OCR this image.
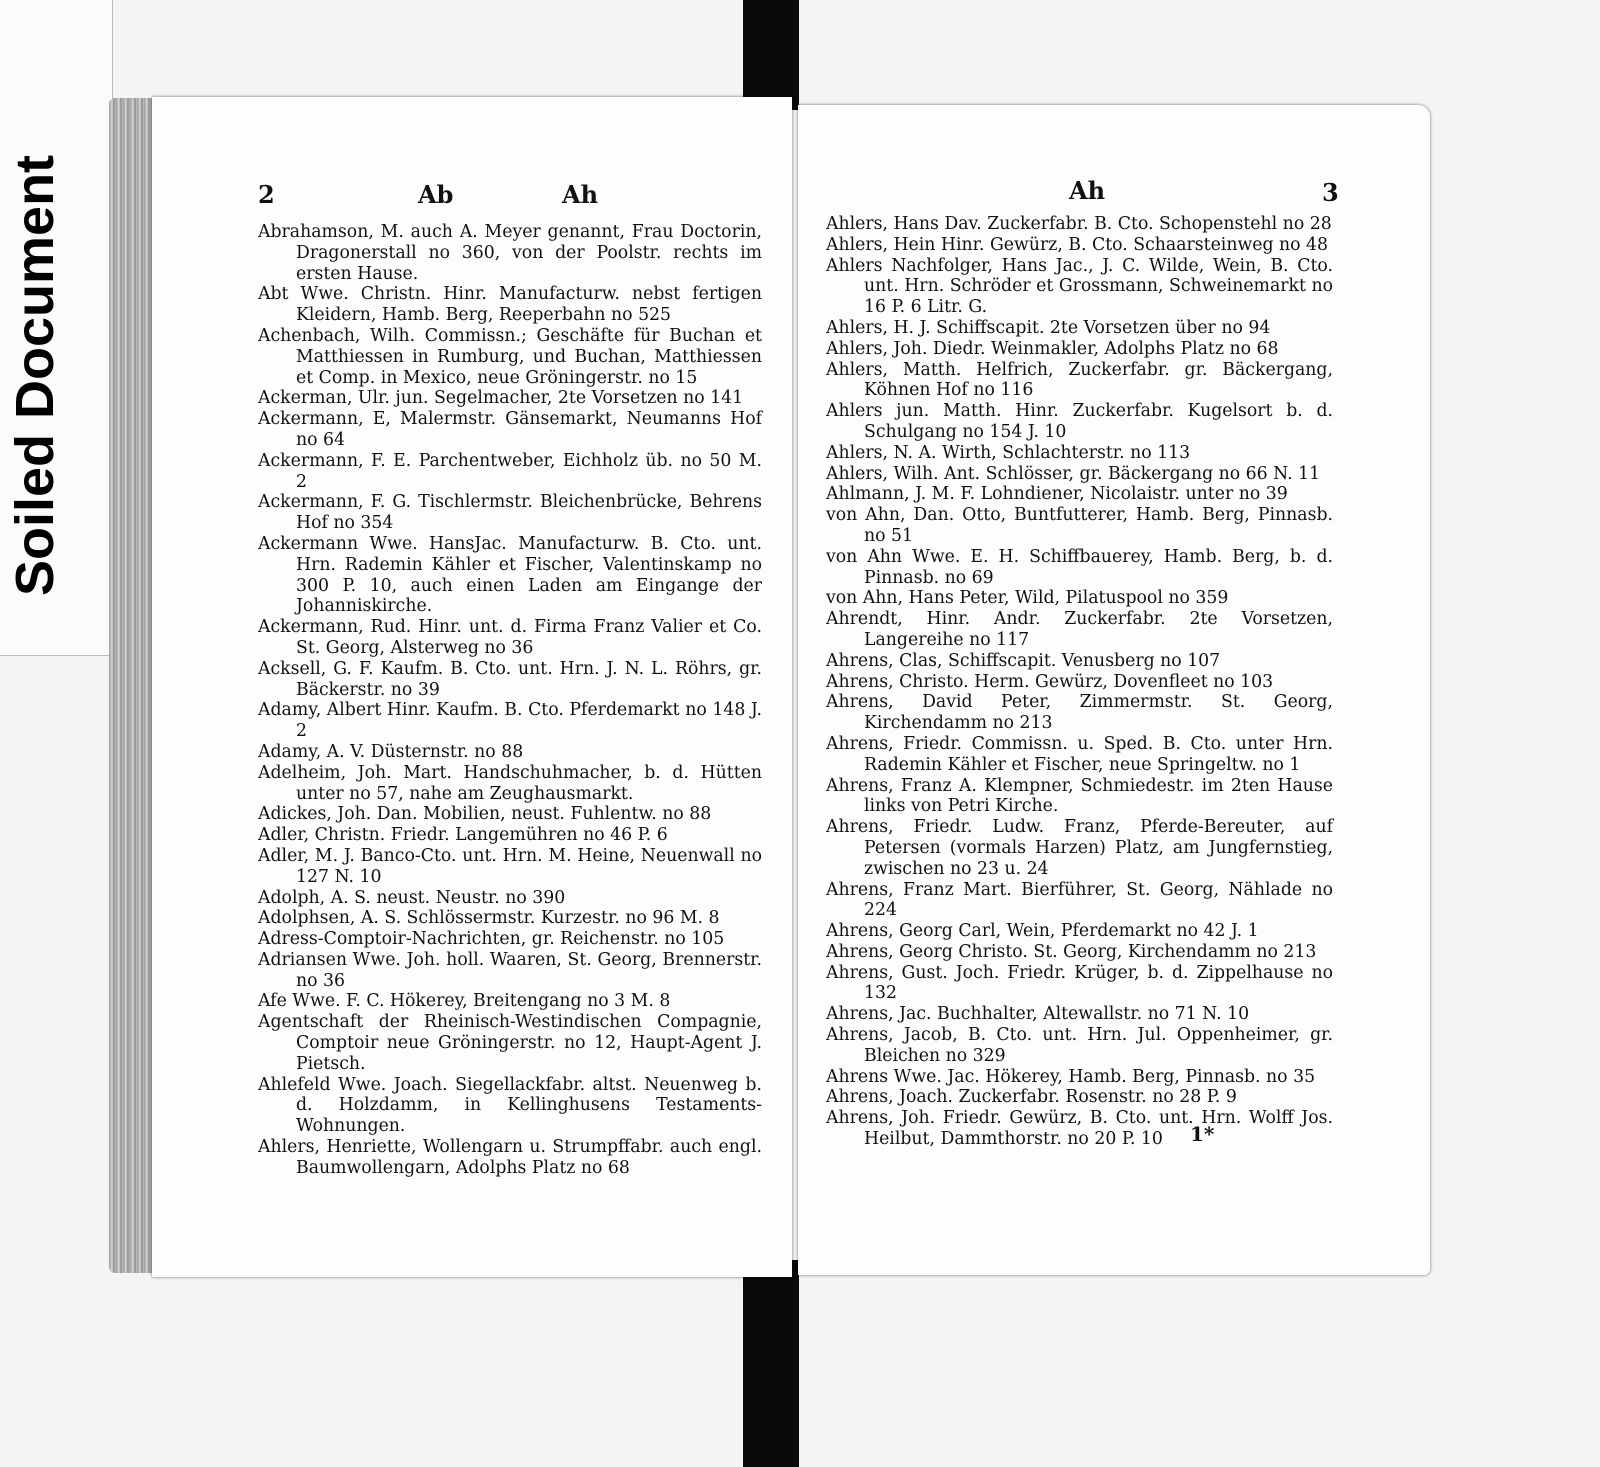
Soiled Document	2	Ab	Ah	Ah	3
Abrahamson, M. auch A. Meyer genannt, Frau Doctorin, Dragonerstall no 360, von der Poolstr. rechts im ersten Hause.
Abt Wwe. Christn. Hinr. Manufacturw. nebst fertigen Kleidern, Hamb. Berg, Reeperbahn no 525
Achenbach, Wilh. Commissn.; Geschäfte für Buchan et Matthiessen in Rumburg, und Buchan, Matthiessen et Comp. in Mexico, neue Gröningerstr. no 15
Ackerman, Ulr. jun. Segelmacher, 2te Vorsetzen no 141
Ackermann, E, Malermstr. Gänsemarkt, Neumanns Hof no 64
Ackermann, F. E. Parchentweber, Eichholz üb. no 50 M. 2
Ackermann, F. G. Tischlermstr. Bleichenbrücke, Behrens Hof no 354
Ackermann Wwe. HansJac. Manufacturw. B. Cto. unt. Hrn. Rademin Kähler et Fischer, Valentinskamp no 300 P. 10, auch einen Laden am Eingange der Johanniskirche.
Ackermann, Rud. Hinr. unt. d. Firma Franz Valier et Co. St. Georg, Alsterweg no 36
Acksell, G. F. Kaufm. B. Cto. unt. Hrn. J. N. L. Röhrs, gr. Bäckerstr. no 39
Adamy, Albert Hinr. Kaufm. B. Cto. Pferdemarkt no 148 J. 2
Adamy, A. V. Düsternstr. no 88
Adelheim, Joh. Mart. Handschuhmacher, b. d. Hütten unter no 57, nahe am Zeughausmarkt.
Adickes, Joh. Dan. Mobilien, neust. Fuhlentw. no 88
Adler, Christn. Friedr. Langemühren no 46 P. 6
Adler, M. J. Banco-Cto. unt. Hrn. M. Heine, Neuenwall no 127 N. 10
Adolph, A. S. neust. Neustr. no 390
Adolphsen, A. S. Schlössermstr. Kurzestr. no 96 M. 8
Adress-Comptoir-Nachrichten, gr. Reichenstr. no 105
Adriansen Wwe. Joh. holl. Waaren, St. Georg, Brennerstr. no 36
Afe Wwe. F. C. Hökerey, Breitengang no 3 M. 8
Agentschaft der Rheinisch-Westindischen Compagnie, Comptoir neue Gröningerstr. no 12, Haupt-Agent J. Pietsch.
Ahlefeld Wwe. Joach. Siegellackfabr. altst. Neuenweg b. d. Holzdamm, in Kellinghusens Testaments-Wohnungen.
Ahlers, Henriette, Wollengarn u. Strumpffabr. auch engl. Baumwollengarn, Adolphs Platz no 68
Ahlers, Hans Dav. Zuckerfabr. B. Cto. Schopenstehl no 28
Ahlers, Hein Hinr. Gewürz, B. Cto. Schaarsteinweg no 48
Ahlers Nachfolger, Hans Jac., J. C. Wilde, Wein, B. Cto. unt. Hrn. Schröder et Grossmann, Schweinemarkt no 16 P. 6 Litr. G.
Ahlers, H. J. Schiffscapit. 2te Vorsetzen über no 94
Ahlers, Joh. Diedr. Weinmakler, Adolphs Platz no 68
Ahlers, Matth. Helfrich, Zuckerfabr. gr. Bäckergang, Köhnen Hof no 116
Ahlers jun. Matth. Hinr. Zuckerfabr. Kugelsort b. d. Schulgang no 154 J. 10
Ahlers, N. A. Wirth, Schlachterstr. no 113
Ahlers, Wilh. Ant. Schlösser, gr. Bäckergang no 66 N. 11
Ahlmann, J. M. F. Lohndiener, Nicolaistr. unter no 39
von Ahn, Dan. Otto, Buntfutterer, Hamb. Berg, Pinnasb. no 51
von Ahn Wwe. E. H. Schiffbauerey, Hamb. Berg, b. d. Pinnasb. no 69
von Ahn, Hans Peter, Wild, Pilatuspool no 359
Ahrendt, Hinr. Andr. Zuckerfabr. 2te Vorsetzen, Langereihe no 117
Ahrens, Clas, Schiffscapit. Venusberg no 107
Ahrens, Christo. Herm. Gewürz, Dovenfleet no 103
Ahrens, David Peter, Zimmermstr. St. Georg, Kirchendamm no 213
Ahrens, Friedr. Commissn. u. Sped. B. Cto. unter Hrn. Rademin Kähler et Fischer, neue Springeltw. no 1
Ahrens, Franz A. Klempner, Schmiedestr. im 2ten Hause links von Petri Kirche.
Ahrens, Friedr. Ludw. Franz, Pferde-Bereuter, auf Petersen (vormals Harzen) Platz, am Jungfernstieg, zwischen no 23 u. 24
Ahrens, Franz Mart. Bierführer, St. Georg, Nählade no 224
Ahrens, Georg Carl, Wein, Pferdemarkt no 42 J. 1
Ahrens, Georg Christo. St. Georg, Kirchendamm no 213
Ahrens, Gust. Joch. Friedr. Krüger, b. d. Zippelhause no 132
Ahrens, Jac. Buchhalter, Altewallstr. no 71 N. 10
Ahrens, Jacob, B. Cto. unt. Hrn. Jul. Oppenheimer, gr. Bleichen no 329
Ahrens Wwe. Jac. Hökerey, Hamb. Berg, Pinnasb. no 35
Ahrens, Joach. Zuckerfabr. Rosenstr. no 28 P. 9
Ahrens, Joh. Friedr. Gewürz, B. Cto. unt. Hrn. Wolff Jos. Heilbut, Dammthorstr. no 20 P. 10	1*
